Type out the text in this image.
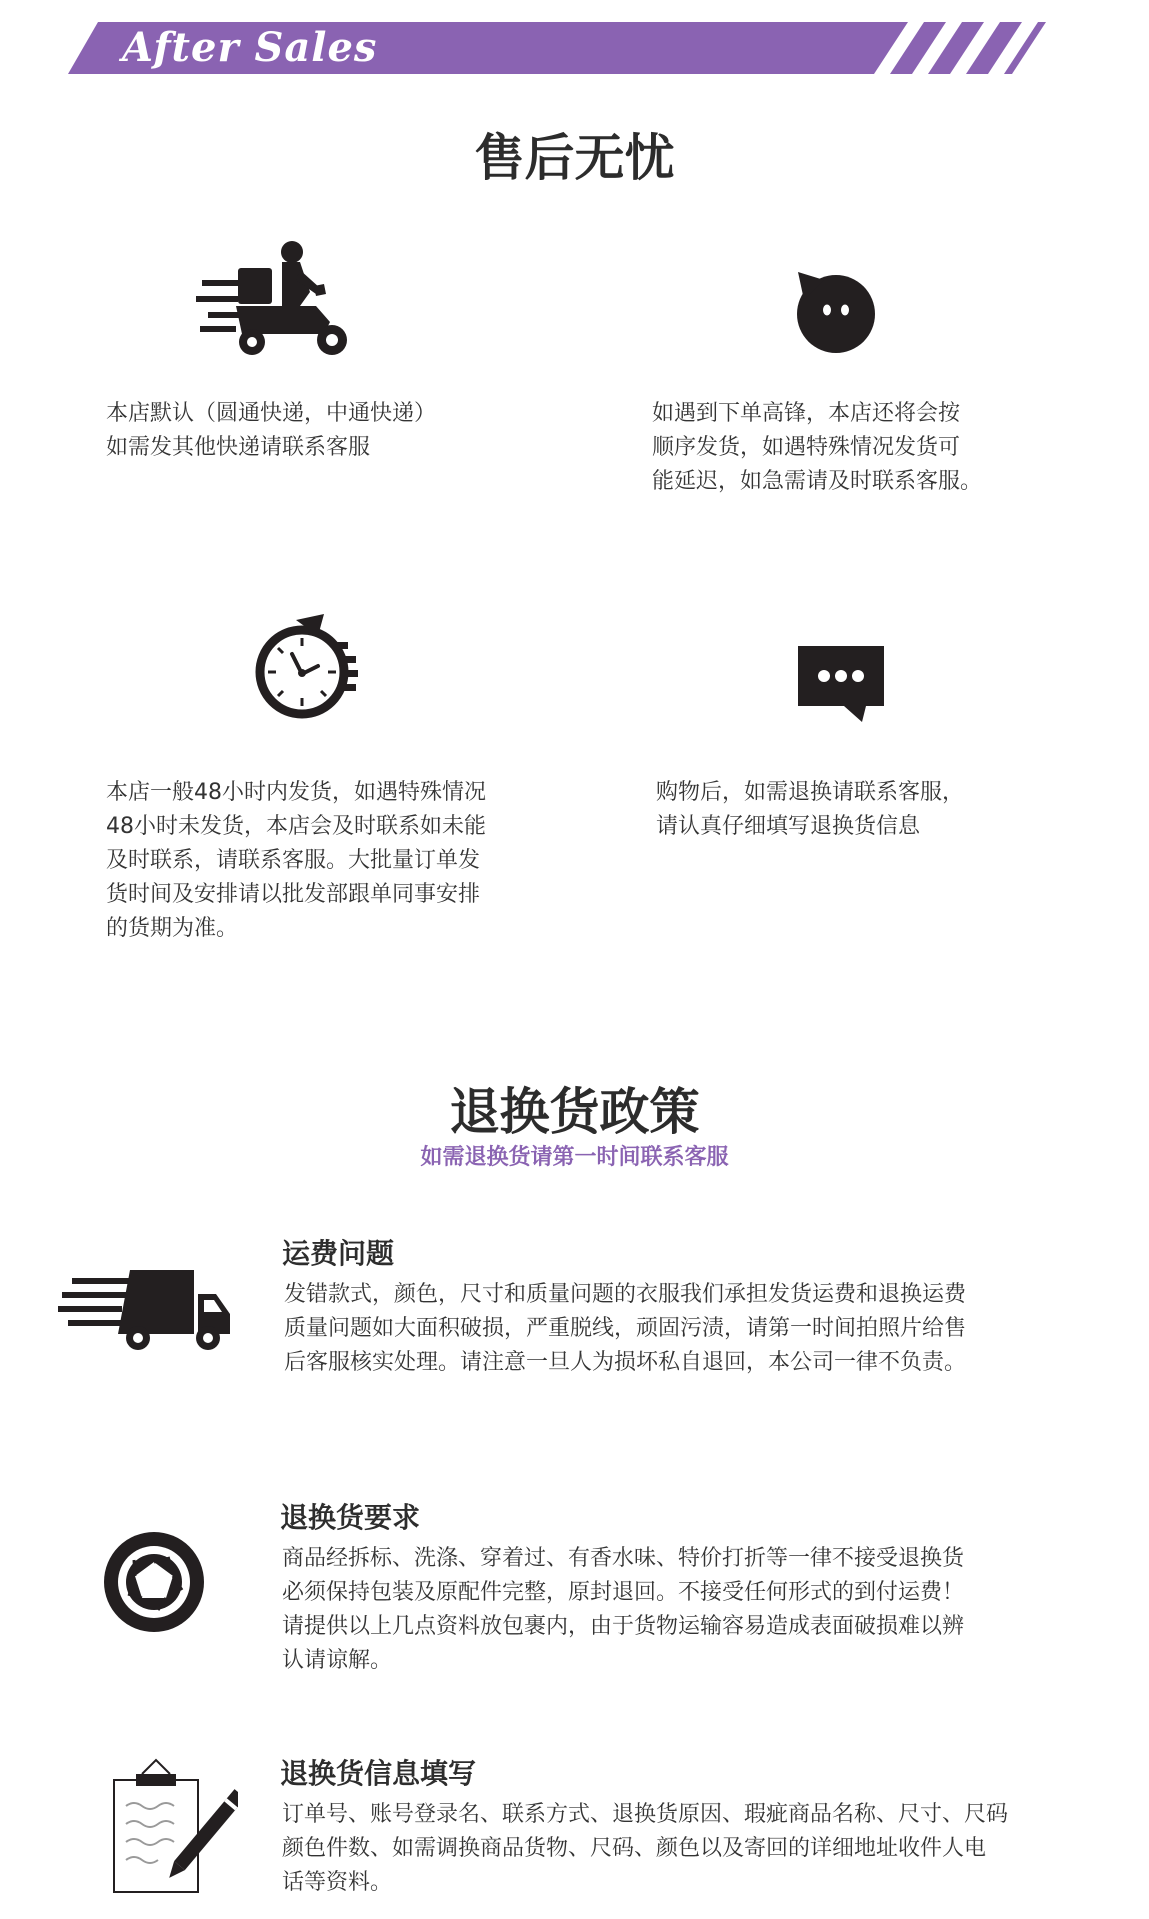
After Sales
售后无忧
本店默认（圆通快递，中通快递）
如需发其他快递请联系客服
如遇到下单高锋，本店还将会按
顺序发货，如遇特殊情况发货可
能延迟，如急需请及时联系客服。
本店一般48小时内发货，如遇特殊情况
48小时未发货，本店会及时联系如未能
及时联系，请联系客服。大批量订单发
货时间及安排请以批发部跟单同事安排
的货期为准。
购物后，如需退换请联系客服，
请认真仔细填写退换货信息
退换货政策
如需退换货请第一时间联系客服
运费问题
发错款式，颜色，尺寸和质量问题的衣服我们承担发货运费和退换运费
质量问题如大面积破损，严重脱线，顽固污渍，请第一时间拍照片给售
后客服核实处理。请注意一旦人为损坏私自退回，本公司一律不负责。
退换货要求
商品经拆标、洗涤、穿着过、有香水味、特价打折等一律不接受退换货
必须保持包装及原配件完整，原封退回。不接受任何形式的到付运费！
请提供以上几点资料放包裹内，由于货物运输容易造成表面破损难以辨
认请谅解。
退换货信息填写
订单号、账号登录名、联系方式、退换货原因、瑕疵商品名称、尺寸、尺码
颜色件数、如需调换商品货物、尺码、颜色以及寄回的详细地址收件人电
话等资料。
